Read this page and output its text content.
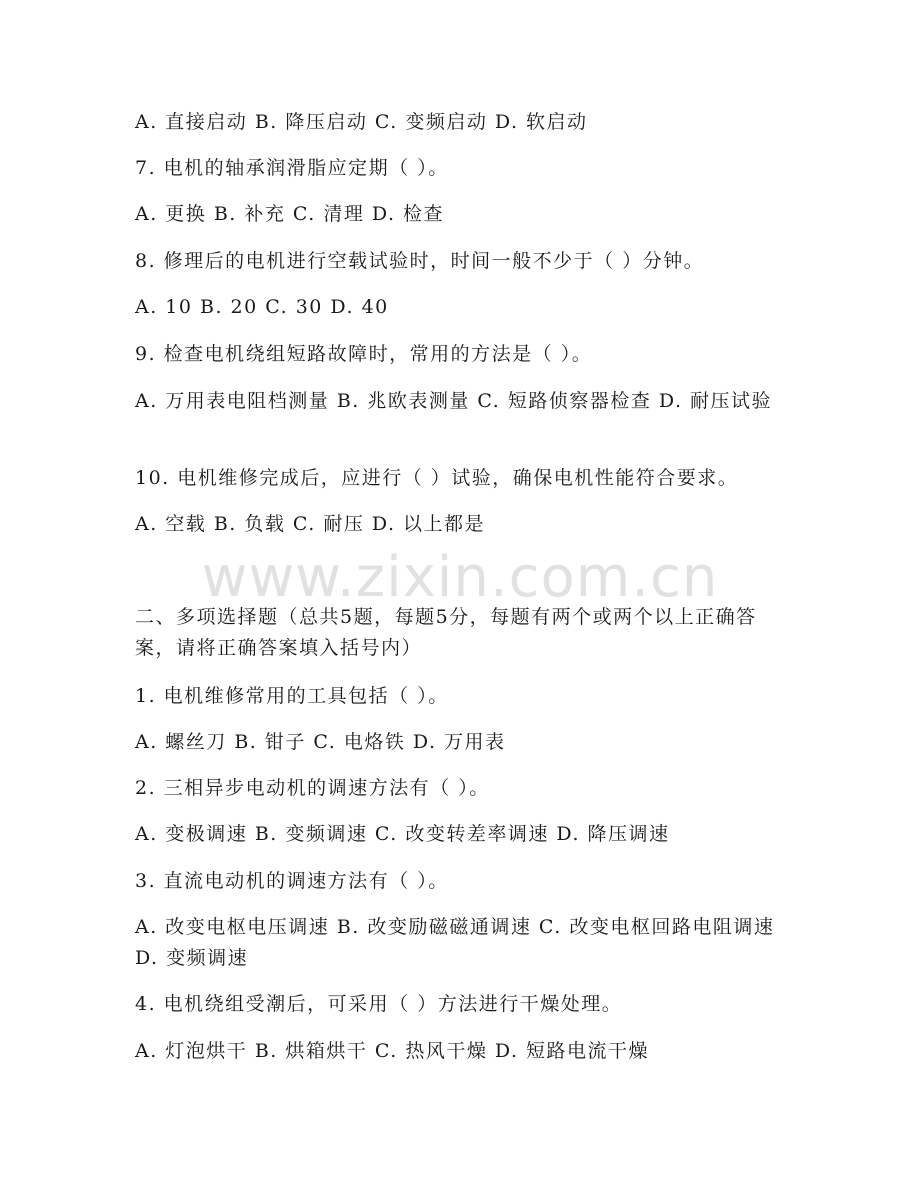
www.zixin.com.cn
A. 直接启动 B. 降压启动 C. 变频启动 D. 软启动
7. 电机的轴承润滑脂应定期（ ）。
A. 更换 B. 补充 C. 清理 D. 检查
8. 修理后的电机进行空载试验时，时间一般不少于（ ）分钟。
A. 10 B. 20 C. 30 D. 40
9. 检查电机绕组短路故障时，常用的方法是（ ）。
A. 万用表电阻档测量 B. 兆欧表测量 C. 短路侦察器检查 D. 耐压试验
10. 电机维修完成后，应进行（ ）试验，确保电机性能符合要求。
A. 空载 B. 负载 C. 耐压 D. 以上都是
二、多项选择题（总共5题，每题5分，每题有两个或两个以上正确答案，请将正确答案填入括号内）
1. 电机维修常用的工具包括（ ）。
A. 螺丝刀 B. 钳子 C. 电烙铁 D. 万用表
2. 三相异步电动机的调速方法有（ ）。
A. 变极调速 B. 变频调速 C. 改变转差率调速 D. 降压调速
3. 直流电动机的调速方法有（ ）。
A. 改变电枢电压调速 B. 改变励磁磁通调速 C. 改变电枢回路电阻调速 D. 变频调速
4. 电机绕组受潮后，可采用（ ）方法进行干燥处理。
A. 灯泡烘干 B. 烘箱烘干 C. 热风干燥 D. 短路电流干燥
